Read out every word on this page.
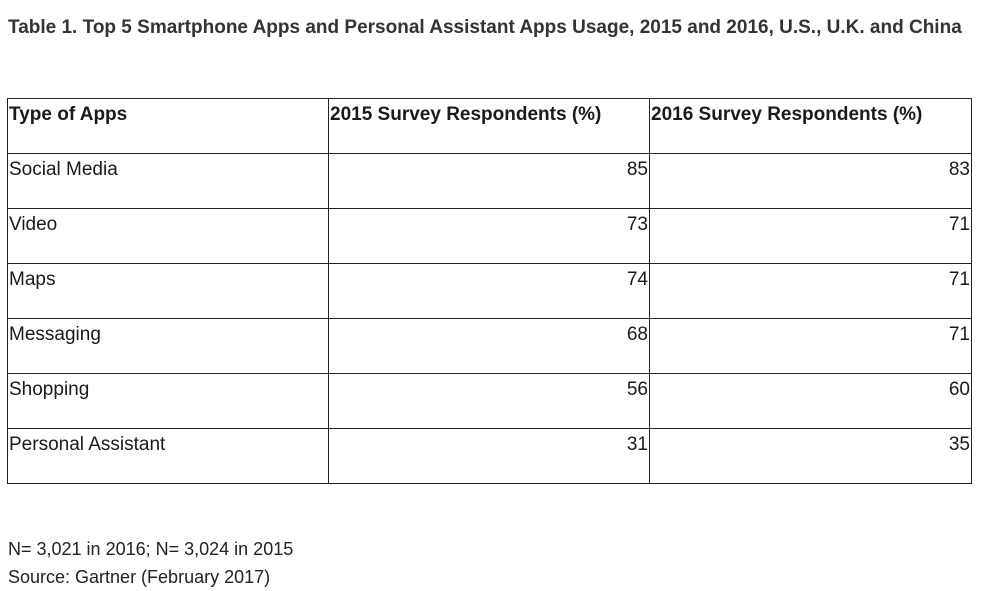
Table 1. Top 5 Smartphone Apps and Personal Assistant Apps Usage, 2015 and 2016, U.S., U.K. and China
Type of Apps	2015 Survey Respondents (%)	2016 Survey Respondents (%)
Social Media	85	83
Video	73	71
Maps	74	71
Messaging	68	71
Shopping	56	60
Personal Assistant	31	35
N= 3,021 in 2016; N= 3,024 in 2015
Source: Gartner (February 2017)
